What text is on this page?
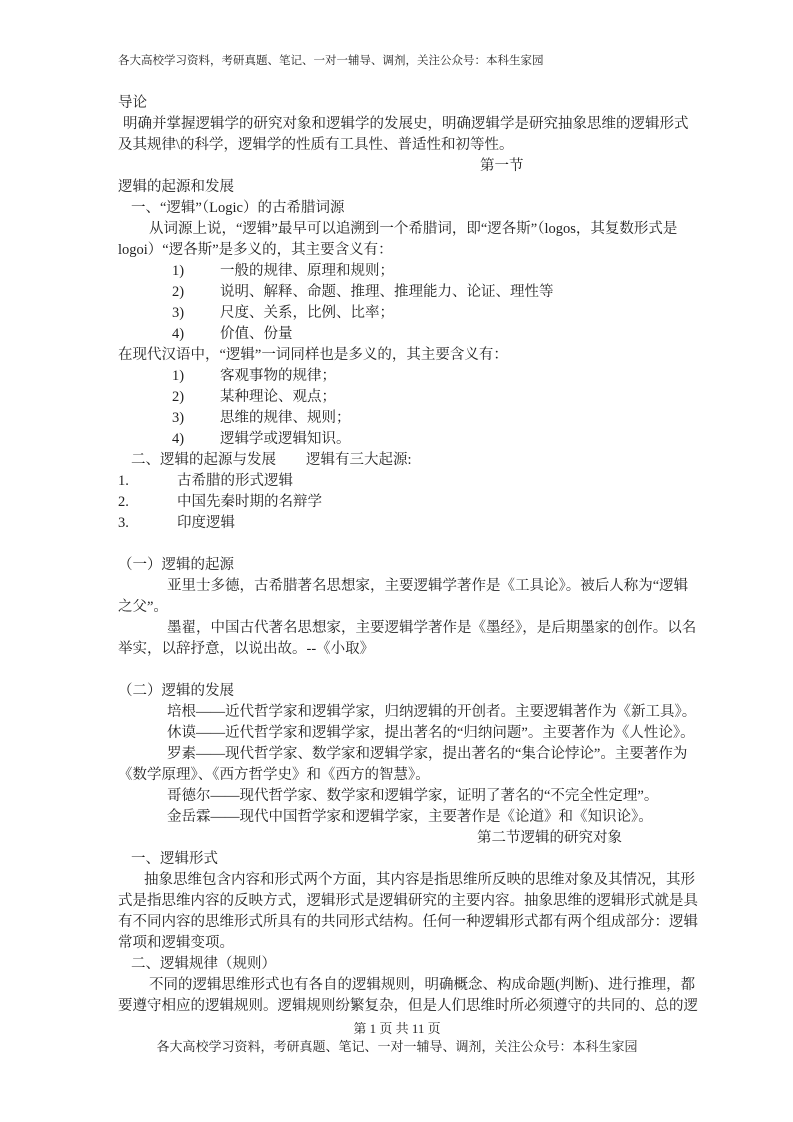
各大高校学习资料，考研真题、笔记、一对一辅导、调剂，关注公众号：本科生家园
导论
明确并掌握逻辑学的研究对象和逻辑学的发展史，明确逻辑学是研究抽象思维的逻辑形式
及其规律\的科学，逻辑学的性质有工具性、普适性和初等性。
第一节
逻辑的起源和发展
一、“逻辑”（Logic）的古希腊词源
从词源上说，“逻辑”最早可以追溯到一个希腊词，即“逻各斯”（logos，其复数形式是
logoi）“逻各斯”是多义的，其主要含义有：
1) 一般的规律、原理和规则；
2) 说明、解释、命题、推理、推理能力、论证、理性等
3) 尺度、关系，比例、比率；
4) 价值、份量
在现代汉语中，“逻辑”一词同样也是多义的，其主要含义有：
1) 客观事物的规律；
2) 某种理论、观点；
3) 思维的规律、规则；
4) 逻辑学或逻辑知识。
二、逻辑的起源与发展 逻辑有三大起源:
1.	古希腊的形式逻辑
2.	中国先秦时期的名辩学
3.	印度逻辑
（一）逻辑的起源
亚里士多德，古希腊著名思想家，主要逻辑学著作是《工具论》。被后人称为“逻辑
之父”。
墨翟，中国古代著名思想家，主要逻辑学著作是《墨经》，是后期墨家的创作。以名
举实，以辞抒意，以说出故。--《小取》
（二）逻辑的发展
培根——近代哲学家和逻辑学家，归纳逻辑的开创者。主要逻辑著作为《新工具》。
休谟——近代哲学家和逻辑学家，提出著名的“归纳问题”。主要著作为《人性论》。
罗素——现代哲学家、数学家和逻辑学家，提出著名的“集合论悖论”。主要著作为
《数学原理》、《西方哲学史》和《西方的智慧》。
哥德尔——现代哲学家、数学家和逻辑学家，证明了著名的“不完全性定理”。
金岳霖——现代中国哲学家和逻辑学家，主要著作是《论道》和《知识论》。
第二节逻辑的研究对象
一、逻辑形式
抽象思维包含内容和形式两个方面，其内容是指思维所反映的思维对象及其情况，其形
式是指思维内容的反映方式，逻辑形式是逻辑研究的主要内容。抽象思维的逻辑形式就是具
有不同内容的思维形式所具有的共同形式结构。任何一种逻辑形式都有两个组成部分：逻辑
常项和逻辑变项。
二、逻辑规律（规则）
不同的逻辑思维形式也有各自的逻辑规则，明确概念、构成命题(判断)、进行推理，都
要遵守相应的逻辑规则。逻辑规则纷繁复杂，但是人们思维时所必须遵守的共同的、总的逻
第 1 页 共 11 页
各大高校学习资料，考研真题、笔记、一对一辅导、调剂，关注公众号：本科生家园
